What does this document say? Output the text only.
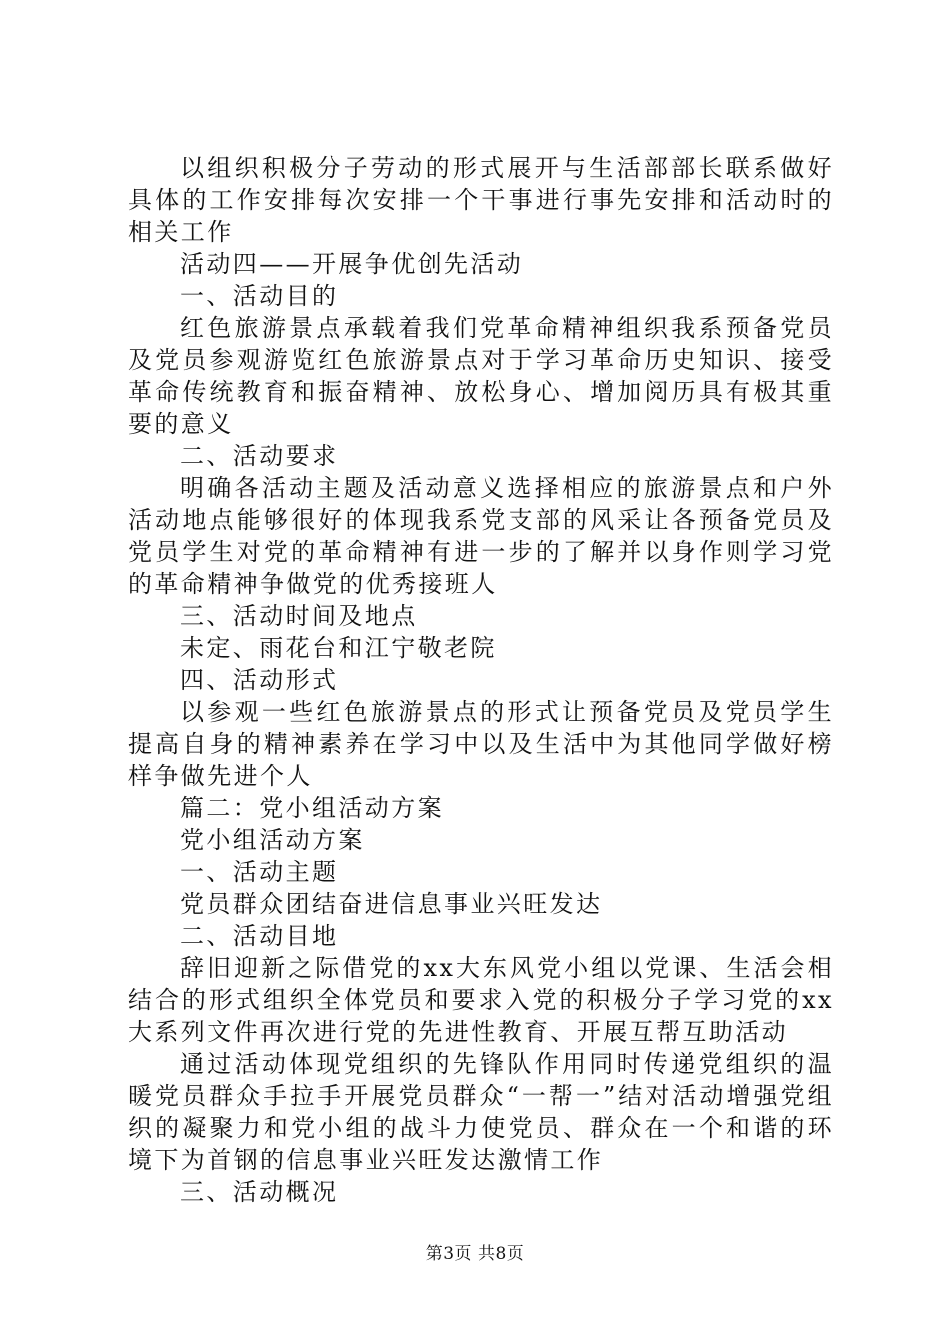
以组织积极分子劳动的形式展开与生活部部长联系做好具体的工作安排每次安排一个干事进行事先安排和活动时的相关工作

活动四——开展争优创先活动

一、活动目的

红色旅游景点承载着我们党革命精神组织我系预备党员及党员参观游览红色旅游景点对于学习革命历史知识、接受革命传统教育和振奋精神、放松身心、增加阅历具有极其重要的意义

二、活动要求

明确各活动主题及活动意义选择相应的旅游景点和户外活动地点能够很好的体现我系党支部的风采让各预备党员及党员学生对党的革命精神有进一步的了解并以身作则学习党的革命精神争做党的优秀接班人

三、活动时间及地点

未定、雨花台和江宁敬老院

四、活动形式

以参观一些红色旅游景点的形式让预备党员及党员学生提高自身的精神素养在学习中以及生活中为其他同学做好榜样争做先进个人

篇二：党小组活动方案

党小组活动方案

一、活动主题

党员群众团结奋进信息事业兴旺发达

二、活动目地

辞旧迎新之际借党的xx大东风党小组以党课、生活会相结合的形式组织全体党员和要求入党的积极分子学习党的xx大系列文件再次进行党的先进性教育、开展互帮互助活动

通过活动体现党组织的先锋队作用同时传递党组织的温暖党员群众手拉手开展党员群众“一帮一”结对活动增强党组织的凝聚力和党小组的战斗力使党员、群众在一个和谐的环境下为首钢的信息事业兴旺发达激情工作

三、活动概况

第3页 共8页
